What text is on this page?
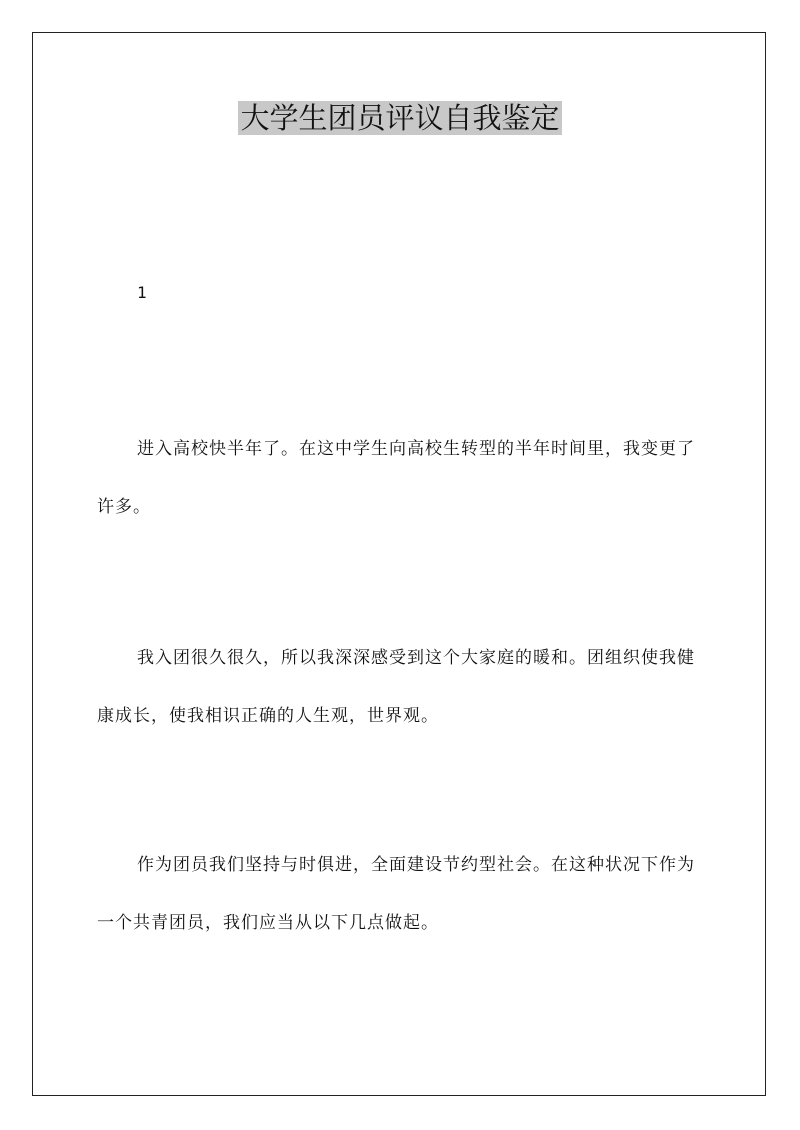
大学生团员评议自我鉴定

1

进入高校快半年了。在这中学生向高校生转型的半年时间里，我变更了许多。

我入团很久很久，所以我深深感受到这个大家庭的暖和。团组织使我健康成长，使我相识正确的人生观，世界观。

作为团员我们坚持与时俱进，全面建设节约型社会。在这种状况下作为一个共青团员，我们应当从以下几点做起。
